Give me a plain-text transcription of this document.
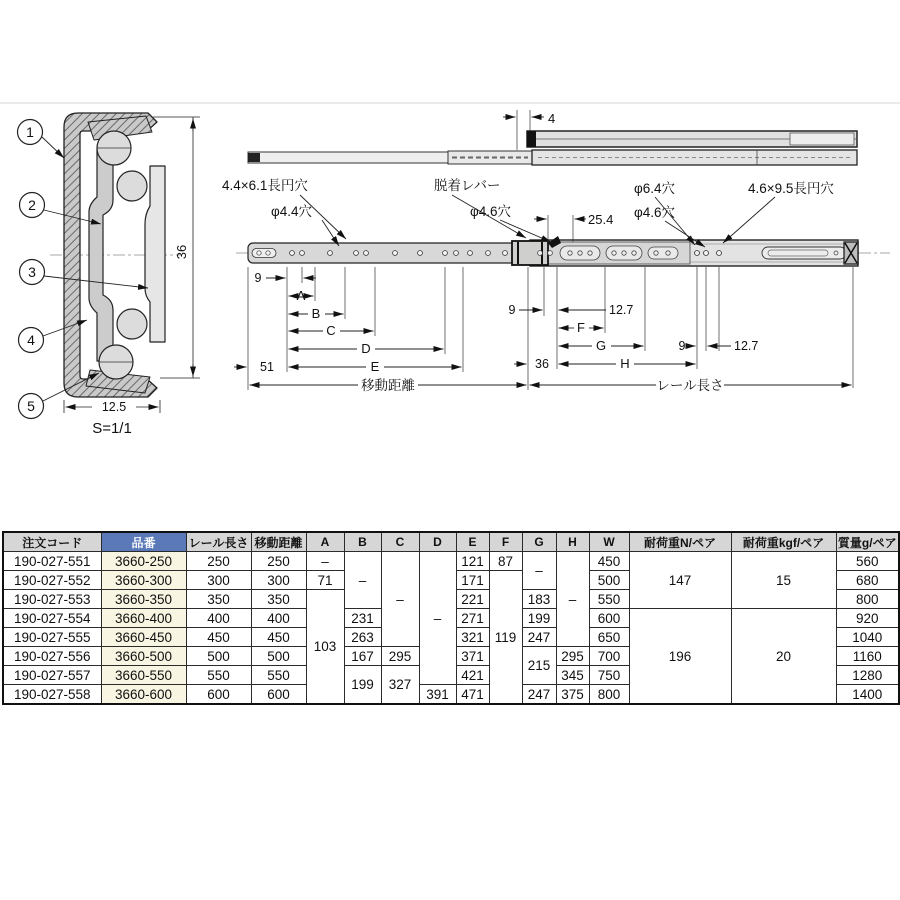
1
2
3
4
5
36
12.5
S=1/1
4
4.4×6.1長円穴
φ4.4穴
脱着レバー
φ4.6穴
φ6.4穴
φ4.6穴
4.6×9.5長円穴
25.4
9
A
B
C
D
51	E
移動距離
9	12.7
F
G	9	12.7
36	H
レール長さ
注文コード	品番	レール長さ	移動距離	A	B	C	D	E	F	G	H	W	耐荷重N/ペア	耐荷重kgf/ペア	質量g/ペア
190-027-551	3660-250	250	250	–	–	–	–	121	87	–	–	450	147	15	560
190-027-552	3660-300	300	300	71				171	119			500			680
190-027-553	3660-350	350	350	103				221		183		550			800
190-027-554	3660-400	400	400		231			271		199		600	196	20	920
190-027-555	3660-450	450	450		263			321		247		650			1040
190-027-556	3660-500	500	500		167	295		371		215	295	700			1160
190-027-557	3660-550	550	550		199	327		421			345	750			1280
190-027-558	3660-600	600	600				391	471		247	375	800			1400
